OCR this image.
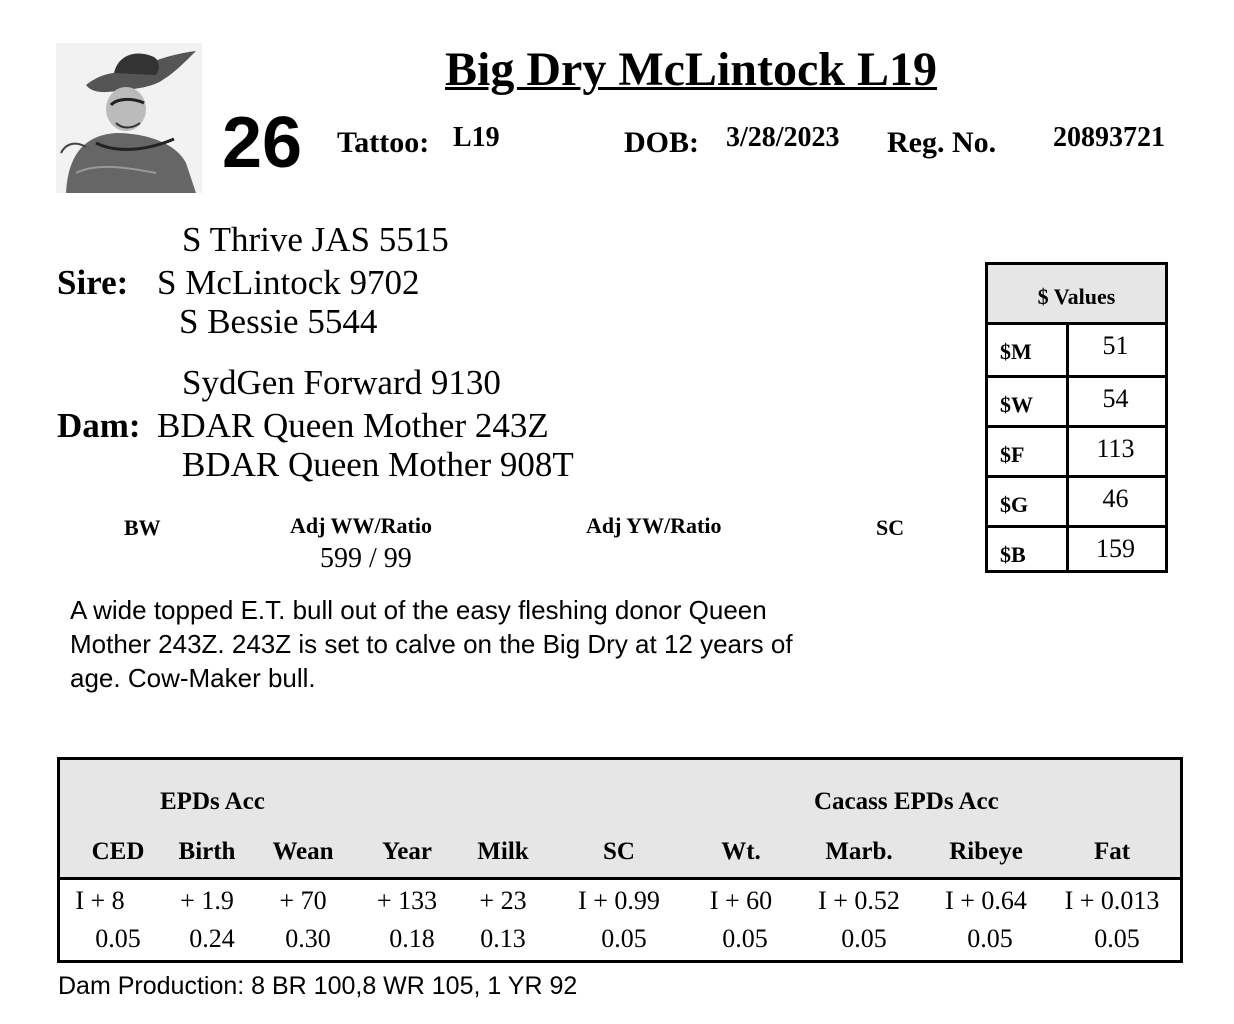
Big Dry McLintock L19
26 Tattoo: L19	DOB: 3/28/2023 Reg. No. 20893721
S Thrive JAS 5515
Sire: S McLintock 9702
S Bessie 5544
SydGen Forward 9130
Dam: BDAR Queen Mother 243Z
BDAR Queen Mother 908T
BW	Adj WW/Ratio
599 / 99
Adj YW/Ratio	SC
A wide topped E.T. bull out of the easy fleshing donor Queen Mother 243Z. 243Z is set to calve on the Big Dry at 12 years of age. Cow-Maker bull.
$ Values
$M	51
$W	54
$F	113
$G	46
$B	159
EPDs Acc	Cacass EPDs Acc
CED	Birth	Wean	Year	Milk	SC	Wt.	Marb.	Ribeye	Fat
I + 8	+ 1.9	+ 70	+ 133	+ 23	I + 0.99	I + 60	I + 0.52	I + 0.64	I + 0.013
0.05	0.24	0.30	0.18	0.13	0.05	0.05	0.05	0.05	0.05
Dam Production: 8 BR 100,8 WR 105, 1 YR 92
